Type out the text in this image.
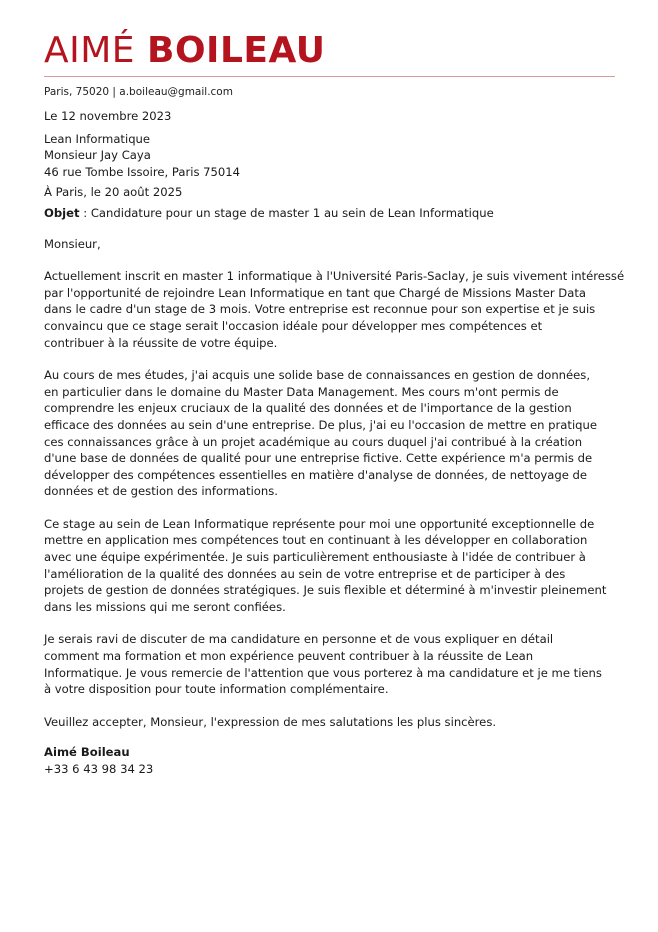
AIMÉ BOILEAU
Paris, 75020 | a.boileau@gmail.com
Le 12 novembre 2023
Lean Informatique
Monsieur Jay Caya
46 rue Tombe Issoire, Paris 75014
À Paris, le 20 août 2025
Objet : Candidature pour un stage de master 1 au sein de Lean Informatique
Monsieur,
Actuellement inscrit en master 1 informatique à l'Université Paris-Saclay, je suis vivement intéressé
par l'opportunité de rejoindre Lean Informatique en tant que Chargé de Missions Master Data
dans le cadre d'un stage de 3 mois. Votre entreprise est reconnue pour son expertise et je suis
convaincu que ce stage serait l'occasion idéale pour développer mes compétences et
contribuer à la réussite de votre équipe.
Au cours de mes études, j'ai acquis une solide base de connaissances en gestion de données,
en particulier dans le domaine du Master Data Management. Mes cours m'ont permis de
comprendre les enjeux cruciaux de la qualité des données et de l'importance de la gestion
efficace des données au sein d'une entreprise. De plus, j'ai eu l'occasion de mettre en pratique
ces connaissances grâce à un projet académique au cours duquel j'ai contribué à la création
d'une base de données de qualité pour une entreprise fictive. Cette expérience m'a permis de
développer des compétences essentielles en matière d'analyse de données, de nettoyage de
données et de gestion des informations.
Ce stage au sein de Lean Informatique représente pour moi une opportunité exceptionnelle de
mettre en application mes compétences tout en continuant à les développer en collaboration
avec une équipe expérimentée. Je suis particulièrement enthousiaste à l'idée de contribuer à
l'amélioration de la qualité des données au sein de votre entreprise et de participer à des
projets de gestion de données stratégiques. Je suis flexible et déterminé à m'investir pleinement
dans les missions qui me seront confiées.
Je serais ravi de discuter de ma candidature en personne et de vous expliquer en détail
comment ma formation et mon expérience peuvent contribuer à la réussite de Lean
Informatique. Je vous remercie de l'attention que vous porterez à ma candidature et je me tiens
à votre disposition pour toute information complémentaire.
Veuillez accepter, Monsieur, l'expression de mes salutations les plus sincères.
Aimé Boileau
+33 6 43 98 34 23
